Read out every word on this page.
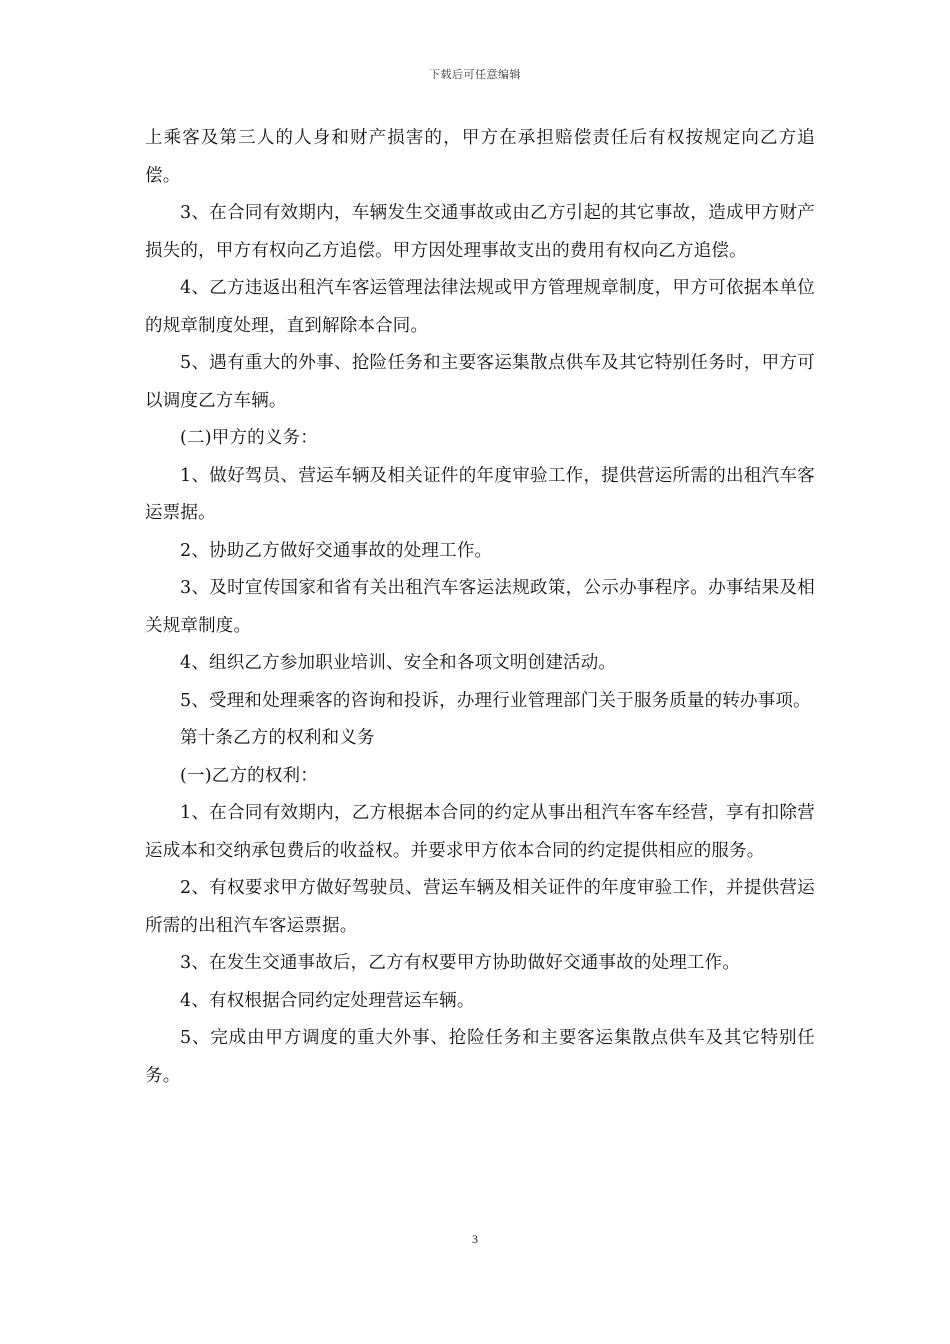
下载后可任意编辑

上乘客及第三人的人身和财产损害的，甲方在承担赔偿责任后有权按规定向乙方追偿。

3、在合同有效期内，车辆发生交通事故或由乙方引起的其它事故，造成甲方财产损失的，甲方有权向乙方追偿。甲方因处理事故支出的费用有权向乙方追偿。

4、乙方违返出租汽车客运管理法律法规或甲方管理规章制度，甲方可依据本单位的规章制度处理，直到解除本合同。

5、遇有重大的外事、抢险任务和主要客运集散点供车及其它特别任务时，甲方可以调度乙方车辆。

(二)甲方的义务：

1、做好驾员、营运车辆及相关证件的年度审验工作，提供营运所需的出租汽车客运票据。

2、协助乙方做好交通事故的处理工作。

3、及时宣传国家和省有关出租汽车客运法规政策，公示办事程序。办事结果及相关规章制度。

4、组织乙方参加职业培训、安全和各项文明创建活动。

5、受理和处理乘客的咨询和投诉，办理行业管理部门关于服务质量的转办事项。

第十条乙方的权利和义务

(一)乙方的权利：

1、在合同有效期内，乙方根据本合同的约定从事出租汽车客车经营，享有扣除营运成本和交纳承包费后的收益权。并要求甲方依本合同的约定提供相应的服务。

2、有权要求甲方做好驾驶员、营运车辆及相关证件的年度审验工作，并提供营运所需的出租汽车客运票据。

3、在发生交通事故后，乙方有权要甲方协助做好交通事故的处理工作。

4、有权根据合同约定处理营运车辆。

5、完成由甲方调度的重大外事、抢险任务和主要客运集散点供车及其它特别任务。

3
